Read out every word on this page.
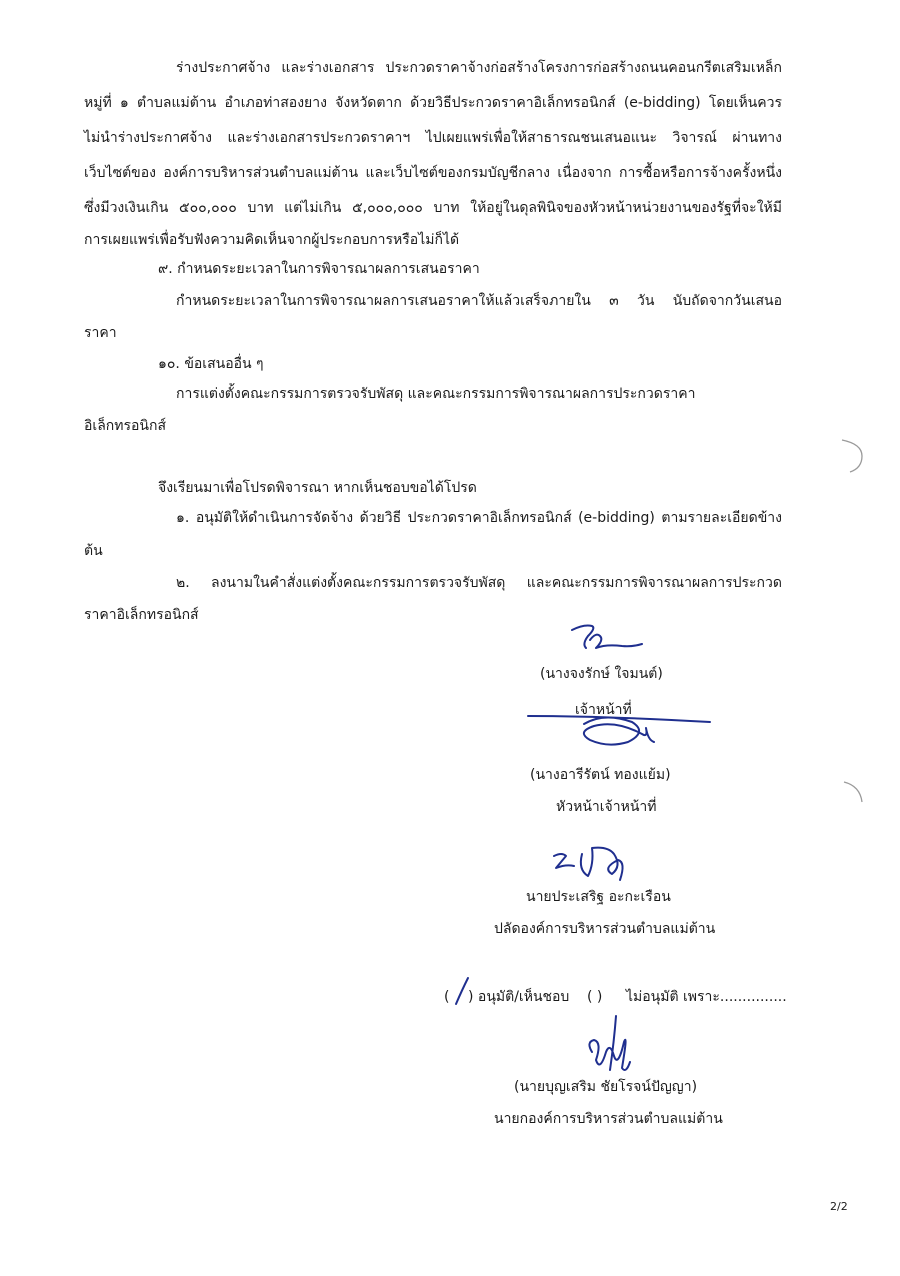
ร่างประกาศจ้าง และร่างเอกสาร ประกวดราคาจ้างก่อสร้างโครงการก่อสร้างถนนคอนกรีตเสริมเหล็ก
หมู่ที่ ๑ ตำบลแม่ต้าน อำเภอท่าสองยาง จังหวัดตาก ด้วยวิธีประกวดราคาอิเล็กทรอนิกส์ (e-bidding) โดยเห็นควร
ไม่นำร่างประกาศจ้าง และร่างเอกสารประกวดราคาฯ ไปเผยแพร่เพื่อให้สาธารณชนเสนอแนะ วิจารณ์ ผ่านทาง
เว็บไซต์ของ องค์การบริหารส่วนตำบลแม่ต้าน และเว็บไซต์ของกรมบัญชีกลาง เนื่องจาก การซื้อหรือการจ้างครั้งหนึ่ง
ซึ่งมีวงเงินเกิน ๕๐๐,๐๐๐ บาท แต่ไม่เกิน ๕,๐๐๐,๐๐๐ บาท ให้อยู่ในดุลพินิจของหัวหน้าหน่วยงานของรัฐที่จะให้มี
การเผยแพร่เพื่อรับฟังความคิดเห็นจากผู้ประกอบการหรือไม่ก็ได้
๙. กำหนดระยะเวลาในการพิจารณาผลการเสนอราคา
กำหนดระยะเวลาในการพิจารณาผลการเสนอราคาให้แล้วเสร็จภายใน ๓ วัน นับถัดจากวันเสนอ
ราคา
๑๐. ข้อเสนออื่น ๆ
การแต่งตั้งคณะกรรมการตรวจรับพัสดุ และคณะกรรมการพิจารณาผลการประกวดราคา
อิเล็กทรอนิกส์
จึงเรียนมาเพื่อโปรดพิจารณา หากเห็นชอบขอได้โปรด
๑. อนุมัติให้ดำเนินการจัดจ้าง ด้วยวิธี ประกวดราคาอิเล็กทรอนิกส์ (e-bidding) ตามรายละเอียดข้าง
ต้น
๒. ลงนามในคำสั่งแต่งตั้งคณะกรรมการตรวจรับพัสดุ และคณะกรรมการพิจารณาผลการประกวด
ราคาอิเล็กทรอนิกส์
(นางจงรักษ์ ใจมนต์)
เจ้าหน้าที่
(นางอารีรัตน์ ทองแย้ม)
หัวหน้าเจ้าหน้าที่
นายประเสริฐ อะกะเรือน
ปลัดองค์การบริหารส่วนตำบลแม่ต้าน
( ) อนุมัติ/เห็นชอบ ( ) ไม่อนุมัติ เพราะ...............
(นายบุญเสริม ชัยโรจน์ปัญญา)
นายกองค์การบริหารส่วนตำบลแม่ต้าน
2/2
